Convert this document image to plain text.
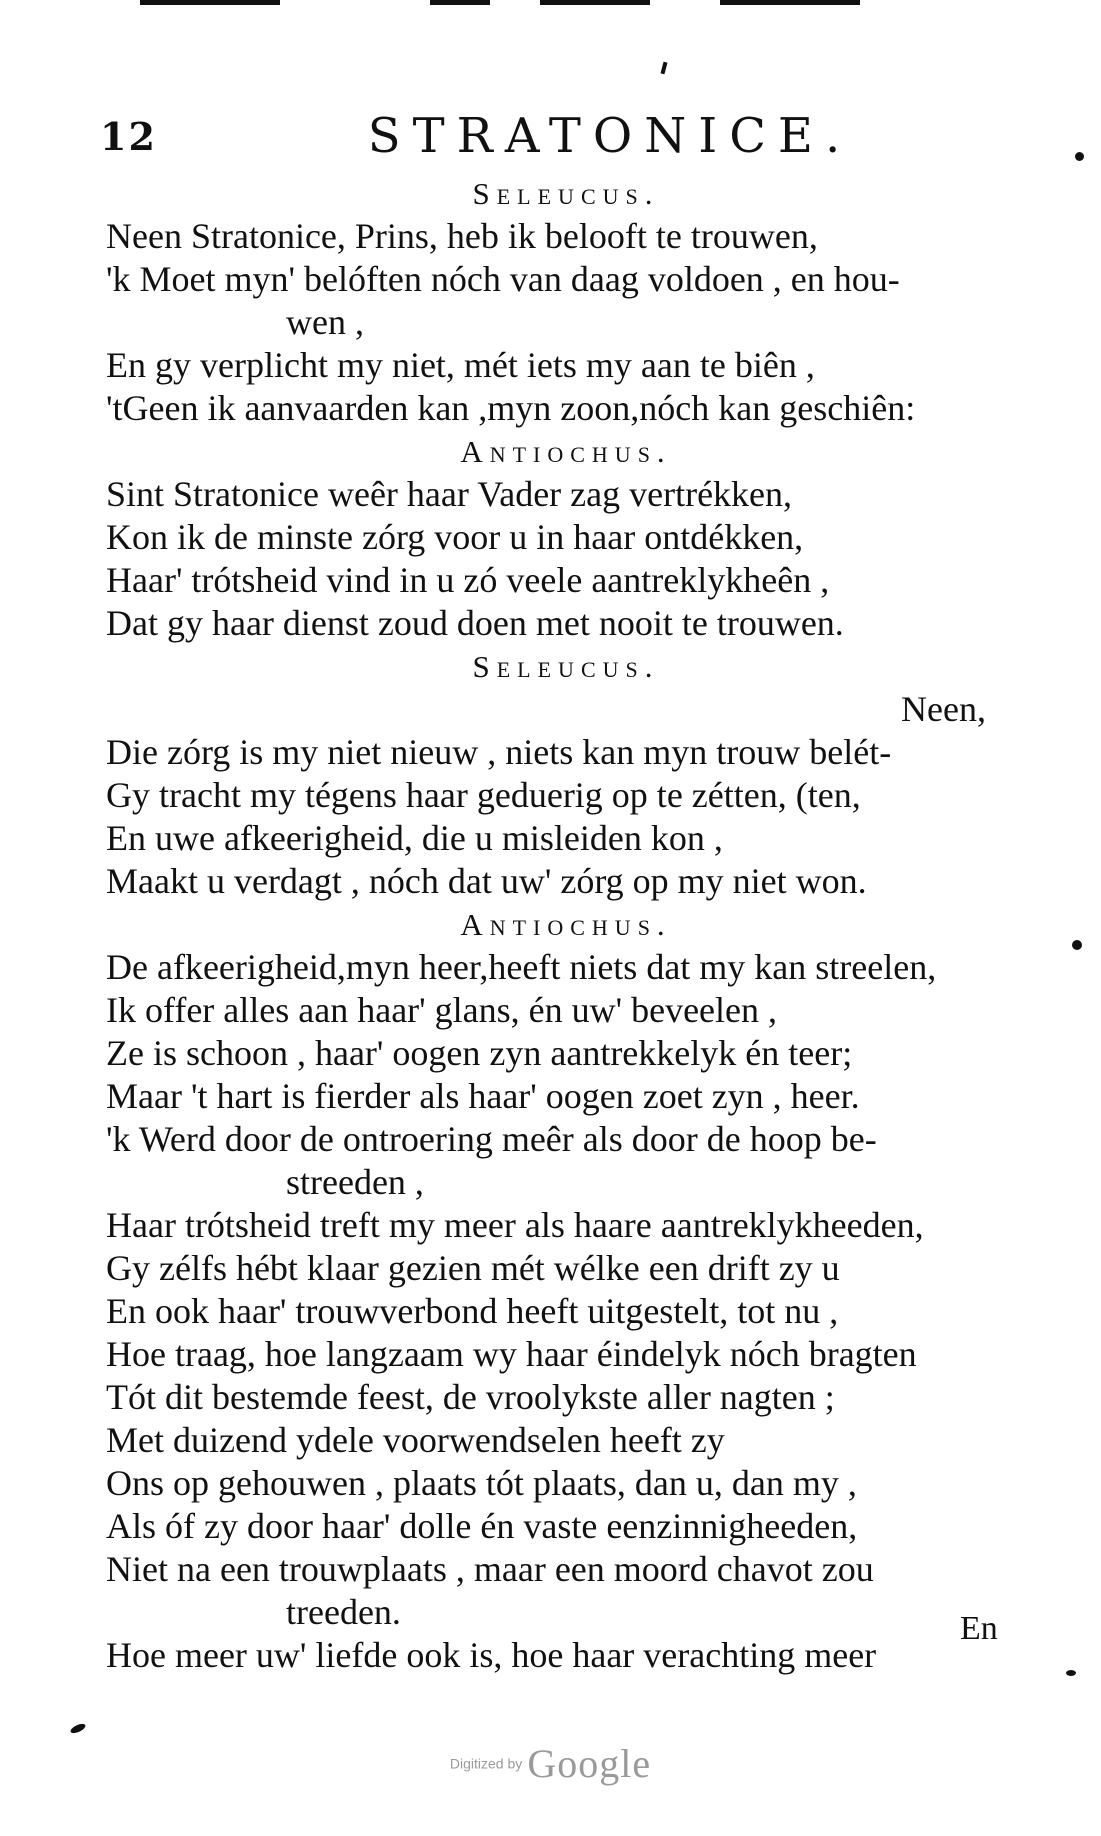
12	STRATONICE.
Seleucus.
Neen Stratonice, Prins, heb ik belooft te trouwen,
'k Moet myn' belóften nóch van daag voldoen , en hou-
wen ,
En gy verplicht my niet, mét iets my aan te biên ,
'tGeen ik aanvaarden kan ,myn zoon,nóch kan geschiên:
Antiochus.
Sint Stratonice weêr haar Vader zag vertrékken,
Kon ik de minste zórg voor u in haar ontdékken,
Haar' trótsheid vind in u zó veele aantreklykheên ,
Dat gy haar dienst zoud doen met nooit te trouwen.
Seleucus.
Neen,
Die zórg is my niet nieuw , niets kan myn trouw belét-
Gy tracht my tégens haar geduerig op te zétten, (ten,
En uwe afkeerigheid, die u misleiden kon ,
Maakt u verdagt , nóch dat uw' zórg op my niet won.
Antiochus.
De afkeerigheid,myn heer,heeft niets dat my kan streelen,
Ik offer alles aan haar' glans, én uw' beveelen ,
Ze is schoon , haar' oogen zyn aantrekkelyk én teer;
Maar 't hart is fierder als haar' oogen zoet zyn , heer.
'k Werd door de ontroering meêr als door de hoop be-
streeden ,
Haar trótsheid treft my meer als haare aantreklykheeden,
Gy zélfs hébt klaar gezien mét wélke een drift zy u
En ook haar' trouwverbond heeft uitgestelt, tot nu ,
Hoe traag, hoe langzaam wy haar éindelyk nóch bragten
Tót dit bestemde feest, de vroolykste aller nagten ;
Met duizend ydele voorwendselen heeft zy
Ons op gehouwen , plaats tót plaats, dan u, dan my ,
Als óf zy door haar' dolle én vaste eenzinnigheeden,
Niet na een trouwplaats , maar een moord chavot zou
treeden.
Hoe meer uw' liefde ook is, hoe haar verachting meer
En
Digitized by Google
